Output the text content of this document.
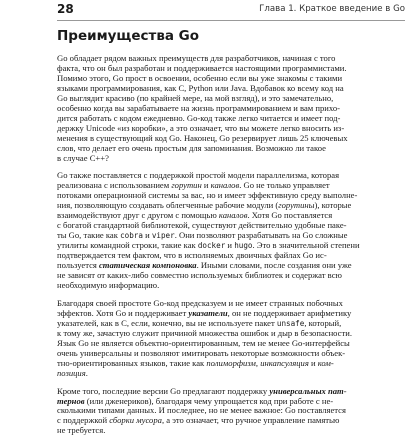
28	Глава 1. Краткое введение в Go
Преимущества Go

Go обладает рядом важных преимуществ для разработчиков, начиная с того
факта, что он был разработан и поддерживается настоящими программистами.
Помимо этого, Go прост в освоении, особенно если вы уже знакомы с такими
языками программирования, как C, Python или Java. Вдобавок ко всему код на
Go выглядит красиво (по крайней мере, на мой взгляд), и это замечательно,
особенно когда вы зарабатываете на жизнь программированием и вам прихо-
дится работать с кодом ежедневно. Go-код также легко читается и имеет под-
держку Unicode «из коробки», а это означает, что вы можете легко вносить из-
менения в существующий код Go. Наконец, Go резервирует лишь 25 ключевых
слов, что делает его очень простым для запоминания. Возможно ли такое
в случае C++?

Go также поставляется с поддержкой простой модели параллелизма, которая
реализована с использованием горутин и каналов. Go не только управляет
потоками операционной системы за вас, но и имеет эффективную среду выполне-
ния, позволяющую создавать облегченные рабочие модули (горутины), которые
взаимодействуют друг с другом с помощью каналов. Хотя Go поставляется
с богатой стандартной библиотекой, существуют действительно удобные паке-
ты Go, такие как cobra и viper. Они позволяют разрабатывать на Go сложные
утилиты командной строки, такие как docker и hugo. Это в значительной степени
подтверждается тем фактом, что в исполняемых двоичных файлах Go ис-
пользуется статическая компоновка. Иными словами, после создания они уже
не зависят от каких-либо совместно используемых библиотек и содержат всю
необходимую информацию.

Благодаря своей простоте Go-код предсказуем и не имеет странных побочных
эффектов. Хотя Go и поддерживает указатели, он не поддерживает арифметику
указателей, как в C, если, конечно, вы не используете пакет unsafe, который,
к тому же, зачастую служит причиной множества ошибок и дыр в безопасности.
Язык Go не является объектно-ориентированным, тем не менее Go-интерфейсы
очень универсальны и позволяют имитировать некоторые возможности объек-
тно-ориентированных языков, такие как полиморфизм, инкапсуляция и ком-
позиция.

Кроме того, последние версии Go предлагают поддержку универсальных пат-
тернов (или дженериков), благодаря чему упрощается код при работе с не-
сколькими типами данных. И последнее, но не менее важное: Go поставляется
с поддержкой сборки мусора, а это означает, что ручное управление памятью
не требуется.
